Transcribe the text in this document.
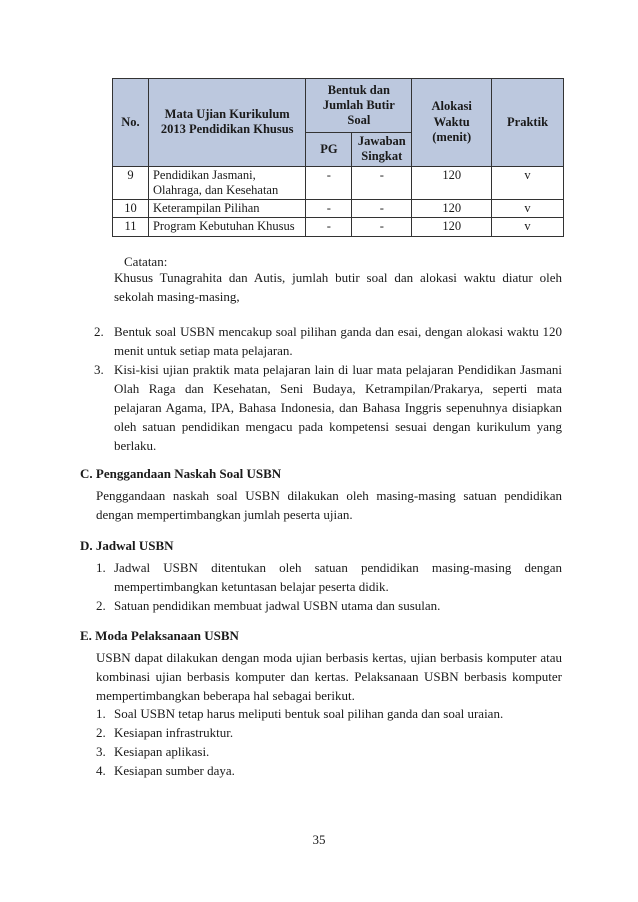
No.	Mata Ujian Kurikulum 2013 Pendidikan Khusus	Bentuk dan Jumlah Butir Soal		Alokasi Waktu (menit)	Praktik
		PG	Jawaban Singkat		
9	Pendidikan Jasmani, Olahraga, dan Kesehatan	-	-	120	v
10	Keterampilan Pilihan	-	-	120	v
11	Program Kebutuhan Khusus	-	-	120	v
Catatan:
Khusus Tunagrahita dan Autis, jumlah butir soal dan alokasi waktu diatur oleh sekolah masing-masing,
2. Bentuk soal USBN mencakup soal pilihan ganda dan esai, dengan alokasi waktu 120 menit untuk setiap mata pelajaran.
3. Kisi-kisi ujian praktik mata pelajaran lain di luar mata pelajaran Pendidikan Jasmani Olah Raga dan Kesehatan, Seni Budaya, Ketrampilan/Prakarya, seperti mata pelajaran Agama, IPA, Bahasa Indonesia, dan Bahasa Inggris sepenuhnya disiapkan oleh satuan pendidikan mengacu pada kompetensi sesuai dengan kurikulum yang berlaku.
C. Penggandaan Naskah Soal USBN
Penggandaan naskah soal USBN dilakukan oleh masing-masing satuan pendidikan dengan mempertimbangkan jumlah peserta ujian.
D. Jadwal USBN
1. Jadwal USBN ditentukan oleh satuan pendidikan masing-masing dengan mempertimbangkan ketuntasan belajar peserta didik.
2. Satuan pendidikan membuat jadwal USBN utama dan susulan.
E. Moda Pelaksanaan USBN
USBN dapat dilakukan dengan moda ujian berbasis kertas, ujian berbasis komputer atau kombinasi ujian berbasis komputer dan kertas. Pelaksanaan USBN berbasis komputer mempertimbangkan beberapa hal sebagai berikut.
1. Soal USBN tetap harus meliputi bentuk soal pilihan ganda dan soal uraian.
2. Kesiapan infrastruktur.
3. Kesiapan aplikasi.
4. Kesiapan sumber daya.
35
